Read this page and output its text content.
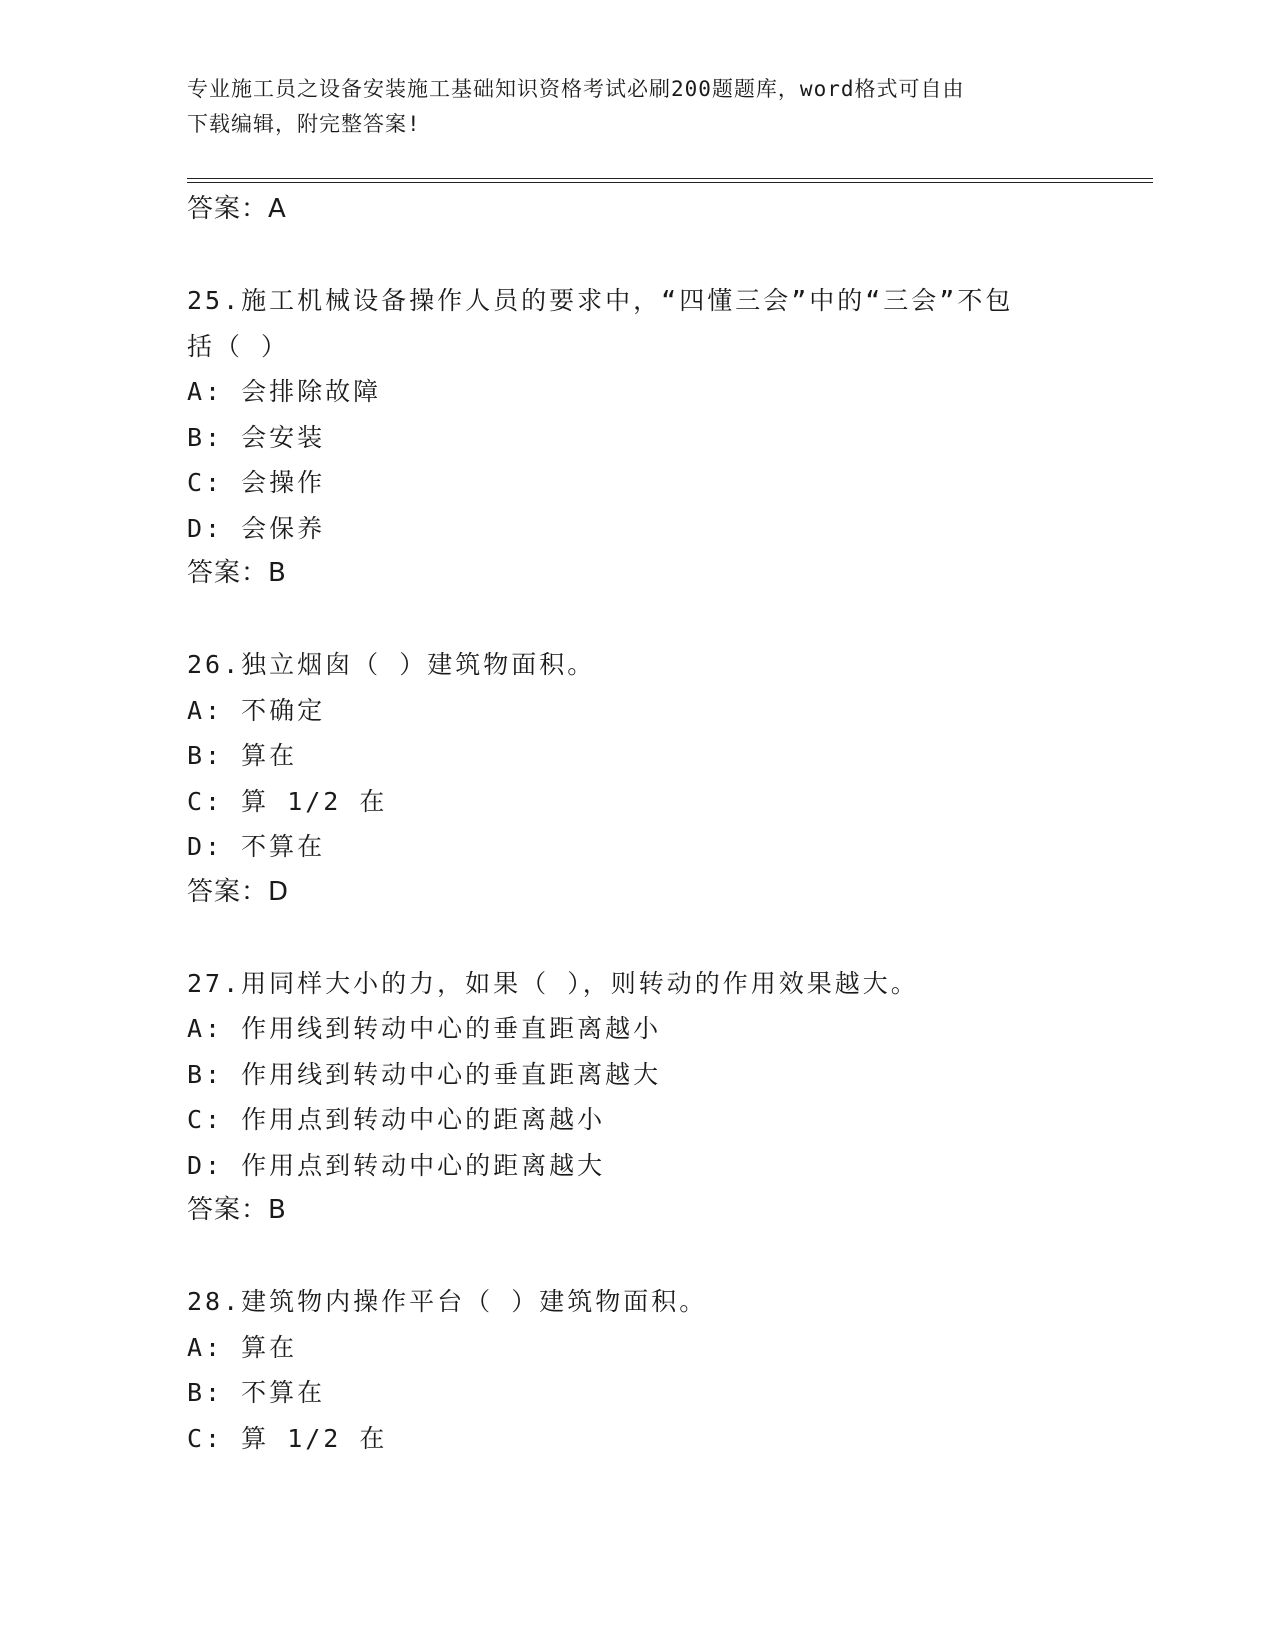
专业施工员之设备安装施工基础知识资格考试必刷200题题库，word格式可自由
下载编辑，附完整答案!
答案：A
25.施工机械设备操作人员的要求中，“四懂三会”中的“三会”不包
括（ ）
A: 会排除故障
B: 会安装
C: 会操作
D: 会保养
答案：B
26.独立烟囱（ ）建筑物面积。
A: 不确定
B: 算在
C: 算 1/2 在
D: 不算在
答案：D
27.用同样大小的力，如果（ ），则转动的作用效果越大。
A: 作用线到转动中心的垂直距离越小
B: 作用线到转动中心的垂直距离越大
C: 作用点到转动中心的距离越小
D: 作用点到转动中心的距离越大
答案：B
28.建筑物内操作平台（ ）建筑物面积。
A: 算在
B: 不算在
C: 算 1/2 在
